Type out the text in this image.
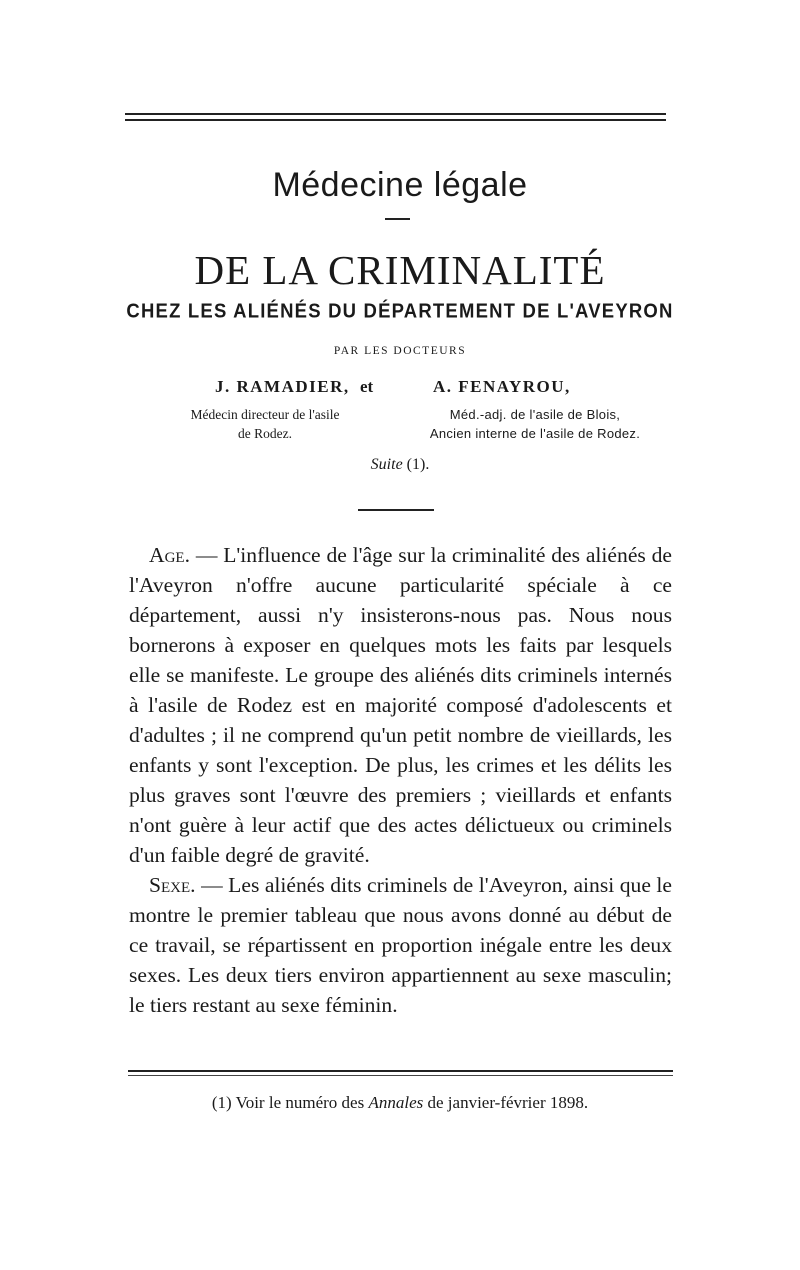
Médecine légale
DE LA CRIMINALITÉ
CHEZ LES ALIÉNÉS DU DÉPARTEMENT DE L'AVEYRON
PAR LES DOCTEURS
J. RAMADIER, et	A. FENAYROU,
Médecin directeur de l'asile
de Rodez.
Méd.-adj. de l'asile de Blois,
Ancien interne de l'asile de Rodez.
Suite (1).

Age. — L'influence de l'âge sur la criminalité des aliénés de l'Aveyron n'offre aucune particularité spéciale à ce département, aussi n'y insisterons-nous pas. Nous nous bornerons à exposer en quelques mots les faits par lesquels elle se manifeste. Le groupe des aliénés dits criminels internés à l'asile de Rodez est en majorité composé d'adolescents et d'adultes ; il ne comprend qu'un petit nombre de vieillards, les enfants y sont l'exception. De plus, les crimes et les délits les plus graves sont l'œuvre des premiers ; vieillards et enfants n'ont guère à leur actif que des actes délictueux ou criminels d'un faible degré de gravité.

Sexe. — Les aliénés dits criminels de l'Aveyron, ainsi que le montre le premier tableau que nous avons donné au début de ce travail, se répartissent en proportion inégale entre les deux sexes. Les deux tiers environ appartiennent au sexe masculin; le tiers restant au sexe féminin.

(1) Voir le numéro des Annales de janvier-février 1898.
